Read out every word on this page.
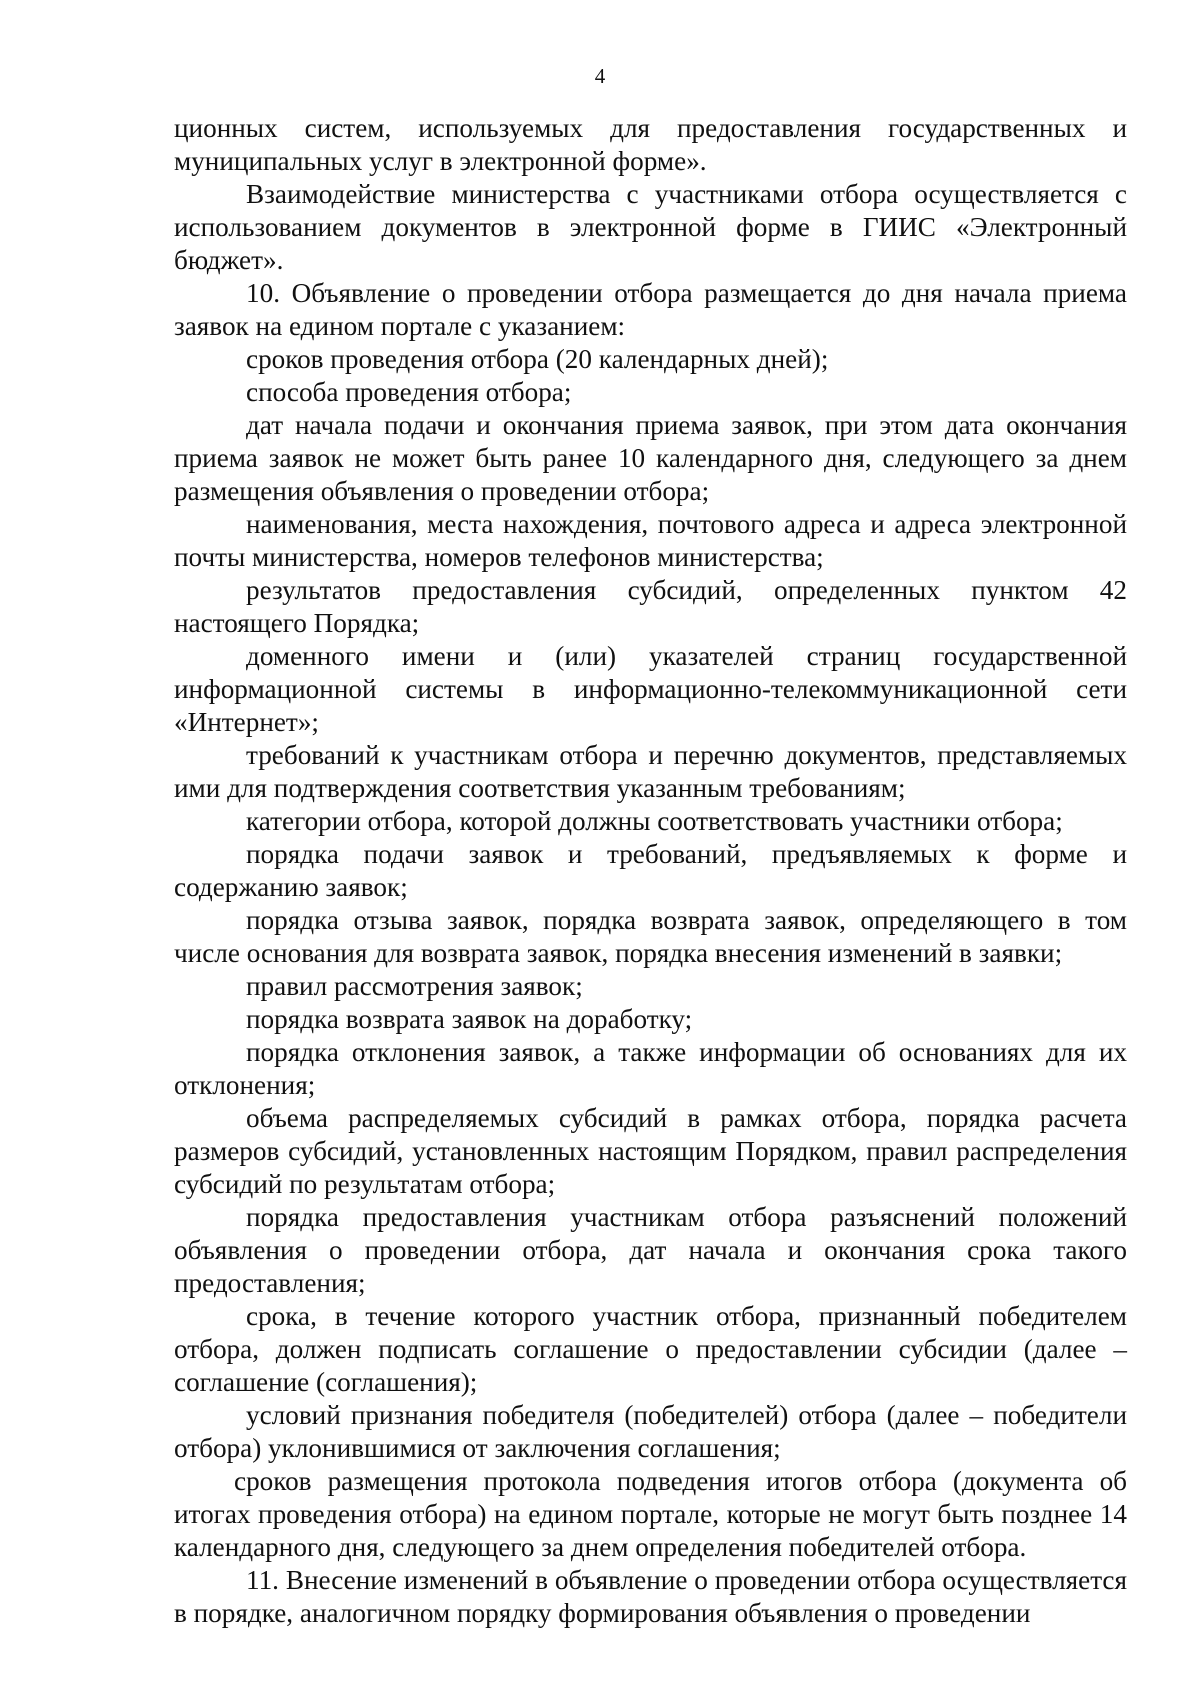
4

ционных систем, используемых для предоставления государственных и муниципальных услуг в электронной форме».

Взаимодействие министерства с участниками отбора осуществляется с использованием документов в электронной форме в ГИИС «Электронный бюджет».

10. Объявление о проведении отбора размещается до дня начала приема заявок на едином портале с указанием:

сроков проведения отбора (20 календарных дней);

способа проведения отбора;

дат начала подачи и окончания приема заявок, при этом дата окончания приема заявок не может быть ранее 10 календарного дня, следующего за днем размещения объявления о проведении отбора;

наименования, места нахождения, почтового адреса и адреса электронной почты министерства, номеров телефонов министерства;

результатов предоставления субсидий, определенных пунктом 42 настоящего Порядка;

доменного имени и (или) указателей страниц государственной информационной системы в информационно-телекоммуникационной сети «Интернет»;

требований к участникам отбора и перечню документов, представляемых ими для подтверждения соответствия указанным требованиям;

категории отбора, которой должны соответствовать участники отбора;

порядка подачи заявок и требований, предъявляемых к форме и содержанию заявок;

порядка отзыва заявок, порядка возврата заявок, определяющего в том числе основания для возврата заявок, порядка внесения изменений в заявки;

правил рассмотрения заявок;

порядка возврата заявок на доработку;

порядка отклонения заявок, а также информации об основаниях для их отклонения;

объема распределяемых субсидий в рамках отбора, порядка расчета размеров субсидий, установленных настоящим Порядком, правил распределения субсидий по результатам отбора;

порядка предоставления участникам отбора разъяснений положений объявления о проведении отбора, дат начала и окончания срока такого предоставления;

срока, в течение которого участник отбора, признанный победителем отбора, должен подписать соглашение о предоставлении субсидии (далее – соглашение (соглашения);

условий признания победителя (победителей) отбора (далее – победители отбора) уклонившимися от заключения соглашения;

сроков размещения протокола подведения итогов отбора (документа об итогах проведения отбора) на едином портале, которые не могут быть позднее 14 календарного дня, следующего за днем определения победителей отбора.

11. Внесение изменений в объявление о проведении отбора осуществляется в порядке, аналогичном порядку формирования объявления о проведении
